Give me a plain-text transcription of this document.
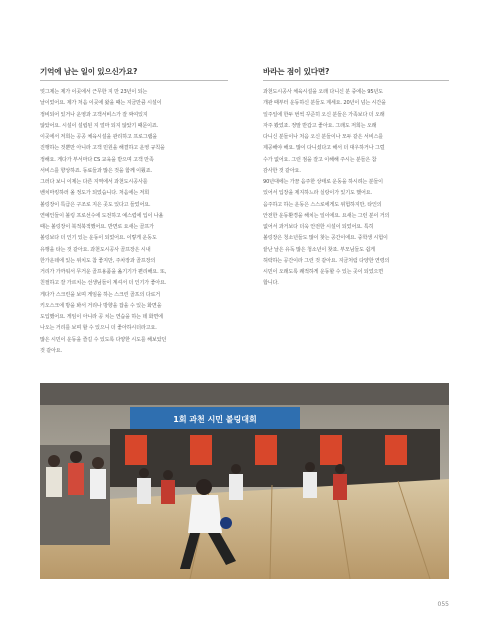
기억에 남는 일이 있으신가요?

엊그제는 제가 이곳에서 근무한 지 만 23년이 되는

날이었어요. 제가 처음 이곳에 왔을 때는 지금만큼 시설이

정비되어 있거나 운영과 고객서비스가 잘 짜여있지

않았어요. 시설이 설립된 지 얼마 되지 않았기 때문이죠.

이곳에서 저희는 공공 체육시설을 관리하고 프로그램을

진행하는 것뿐만 아니라 고객 민원을 해결하고 운영 규칙을

정해요. 게다가 부서마다 CS 교육을 받으며 고객 만족

서비스를 향상하죠. 동료들과 많은 것을 함께 이뤘죠.

그러다 보니 이제는 다른 지역에서 과천도시공사를

벤치마킹하러 올 정도가 되었습니다. 처음에는 저희

볼링장이 특급은 구조로 지은 곳도 있다고 들었어요.

연예인들이 볼링 프로선수에 도전하고 예스럽에 입이 나올

때는 볼링장이 북적북적했어요. 반면로 요새는 골프가

볼링보다 더 인기 있는 운동이 되었어요. 이렇게 운동도

유행을 타는 것 같아요. 과천도시공사 골프장은 시내

한가운데에 있는 위치도 참 좋지만, 주차장과 골프장의

거리가 가까워서 무거운 골프용품을 옮기기가 편리해요. 또,

친절하고 잘 가르치는 선생님들이 계셔서 더 인기가 좋아요.

게다가 스크린을 보며 게임을 하는 스크린 골프의 다로거

키오스크에 방을 봐서 거리나 방향을 잡을 수 있는 화면을

도입했어요. 게임이 아니라 공 치는 연습을 하는 데 화면에

나오는 거리를 보며 할 수 있으니 더 좋아하시더라고요.

많은 시민이 운동을 즐길 수 있도록 다양한 시도를 해보았던

것 같아요.

바라는 점이 있다면?

과천도시공사 체육시설을 오래 다니신 분 중에는 95년도

개관 때부터 운동하신 분들도 계세요. 20년이 넘는 시간을

일주일에 한두 번씩 꾸준히 오신 분들은 가족보다 더 오래

자주 봤었죠. 정말 반갑고 좋아요. 그래도 저희는 오래

다니신 분들이나 처음 오신 분들이나 모두 같은 서비스를

제공해야 해요. 많이 다니셨다고 해서 더 대우하거나 그럴

수가 없어요. 그런 점을 잘고 이해해 주시는 분들은 참

감사한 것 같아요.

90년대에는 가끔 음주한 상태로 운동을 하시려는 분들이

있어서 입장을 제지하느라 실랑이가 있기도 했어요.

음주하고 하는 운동은 스스로에게도 위험하지만, 타인의

안전한 운동환경을 해치는 일이에요. 요새는 그런 분이 거의

없어서 과거보다 더욱 안전한 시설이 되었어요. 특히

볼링장은 청소년들도 많이 찾는 공간이에요. 중학생 시험이

끝난 날은 유독 많은 청소년이 찾죠. 부모님들도 쉽게

허락하는 공간이라 그런 것 같아요. 지금처럼 다양한 연령의

시민이 오래도록 쾌적하게 운동할 수 있는 곳이 되었으면

합니다.

1회 과천 시민 볼링대회
055
